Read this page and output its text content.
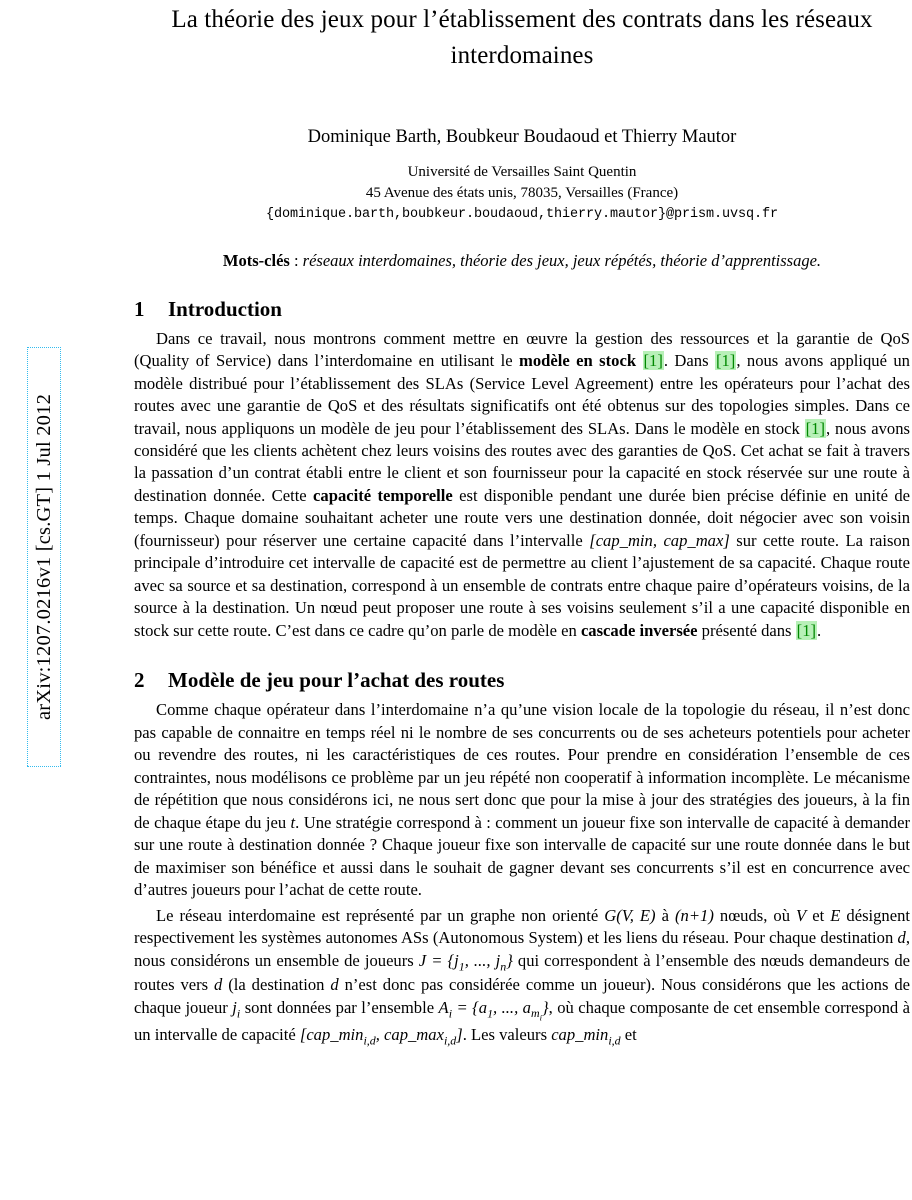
arXiv:1207.0216v1 [cs.GT] 1 Jul 2012
La théorie des jeux pour l’établissement des contrats dans les réseaux interdomaines
Dominique Barth, Boubkeur Boudaoud et Thierry Mautor
Université de Versailles Saint Quentin
45 Avenue des états unis, 78035, Versailles (France)
{dominique.barth,boubkeur.boudaoud,thierry.mautor}@prism.uvsq.fr
Mots-clés : réseaux interdomaines, théorie des jeux, jeux répétés, théorie d’apprentissage.
1 Introduction

Dans ce travail, nous montrons comment mettre en œuvre la gestion des ressources et la garantie de QoS (Quality of Service) dans l’interdomaine en utilisant le modèle en stock [1]. Dans [1], nous avons appliqué un modèle distribué pour l’établissement des SLAs (Service Level Agreement) entre les opérateurs pour l’achat des routes avec une garantie de QoS et des résultats significatifs ont été obtenus sur des topologies simples. Dans ce travail, nous appliquons un modèle de jeu pour l’établissement des SLAs. Dans le modèle en stock [1], nous avons considéré que les clients achètent chez leurs voisins des routes avec des garanties de QoS. Cet achat se fait à travers la passation d’un contrat établi entre le client et son fournisseur pour la capacité en stock réservée sur une route à destination donnée. Cette capacité temporelle est disponible pendant une durée bien précise définie en unité de temps. Chaque domaine souhaitant acheter une route vers une destination donnée, doit négocier avec son voisin (fournisseur) pour réserver une certaine capacité dans l’intervalle [cap_min, cap_max] sur cette route. La raison principale d’introduire cet intervalle de capacité est de permettre au client l’ajustement de sa capacité. Chaque route avec sa source et sa destination, correspond à un ensemble de contrats entre chaque paire d’opérateurs voisins, de la source à la destination. Un nœud peut proposer une route à ses voisins seulement s’il a une capacité disponible en stock sur cette route. C’est dans ce cadre qu’on parle de modèle en cascade inversée présenté dans [1].

2 Modèle de jeu pour l’achat des routes

Comme chaque opérateur dans l’interdomaine n’a qu’une vision locale de la topologie du réseau, il n’est donc pas capable de connaitre en temps réel ni le nombre de ses concurrents ou de ses acheteurs potentiels pour acheter ou revendre des routes, ni les caractéristiques de ces routes. Pour prendre en considération l’ensemble de ces contraintes, nous modélisons ce problème par un jeu répété non cooperatif à information incomplète. Le mécanisme de répétition que nous considérons ici, ne nous sert donc que pour la mise à jour des stratégies des joueurs, à la fin de chaque étape du jeu t. Une stratégie correspond à : comment un joueur fixe son intervalle de capacité à demander sur une route à destination donnée ? Chaque joueur fixe son intervalle de capacité sur une route donnée dans le but de maximiser son bénéfice et aussi dans le souhait de gagner devant ses concurrents s’il est en concurrence avec d’autres joueurs pour l’achat de cette route.

Le réseau interdomaine est représenté par un graphe non orienté G(V, E) à (n+1) nœuds, où V et E désignent respectivement les systèmes autonomes ASs (Autonomous System) et les liens du réseau. Pour chaque destination d, nous considérons un ensemble de joueurs $J = \{j_1$, ..., $j_n$} qui correspondent à l’ensemble des nœuds demandeurs de routes vers d (la destination d n’est donc pas considérée comme un joueur). Nous considérons que les actions de chaque joueur $j_i$ sont données par l’ensemble $A_i = \{a_1$, ..., $a_{m_i}$}, où chaque composante de cet ensemble correspond à un intervalle de capacité [$cap\_\min_{i,d}$, $cap\_\max_{i,d}$]. Les valeurs $cap\_\min_{i,d}$ et
